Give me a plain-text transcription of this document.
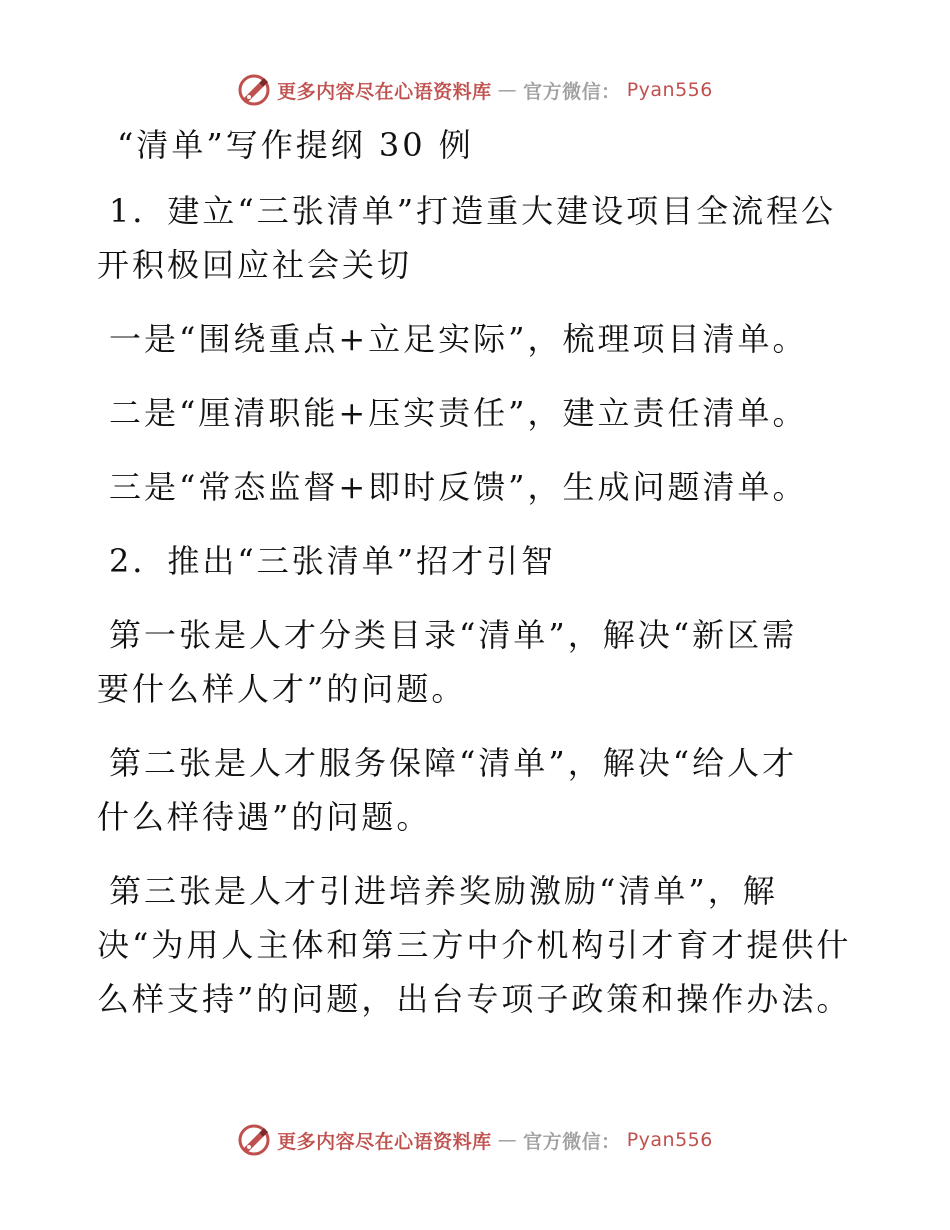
更多内容尽在心语资料库 — 官方微信： Pyan556
“清单”写作提纲 30 例
1．建立“三张清单”打造重大建设项目全流程公
开积极回应社会关切
一是“围绕重点+立足实际”，梳理项目清单。
二是“厘清职能+压实责任”，建立责任清单。
三是“常态监督+即时反馈”，生成问题清单。
2．推出“三张清单”招才引智
第一张是人才分类目录“清单”，解决“新区需
要什么样人才”的问题。
第二张是人才服务保障“清单”，解决“给人才
什么样待遇”的问题。
第三张是人才引进培养奖励激励“清单”，解
决“为用人主体和第三方中介机构引才育才提供什
么样支持”的问题，出台专项子政策和操作办法。
更多内容尽在心语资料库 — 官方微信： Pyan556
